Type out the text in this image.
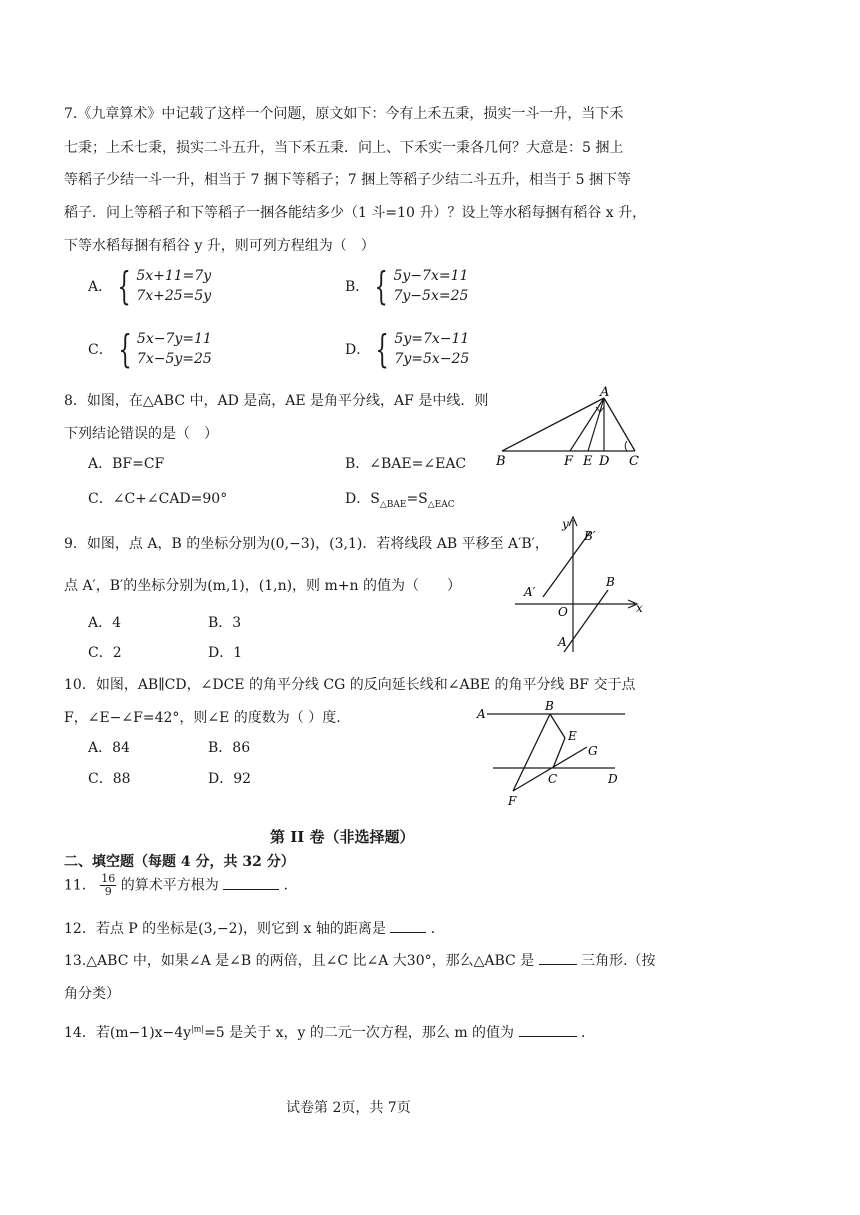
7.《九章算术》中记载了这样一个问题，原文如下：今有上禾五秉，损实一斗一升，当下禾
七秉；上禾七秉，损实二斗五升，当下禾五秉．问上、下禾实一秉各几何？大意是：5 捆上
等稻子少结一斗一升，相当于 7 捆下等稻子；7 捆上等稻子少结二斗五升，相当于 5 捆下等
稻子．问上等稻子和下等稻子一捆各能结多少（1 斗=10 升）？设上等水稻每捆有稻谷 x 升，
下等水稻每捆有稻谷 y 升，则可列方程组为（　）
A． { 5x+11=7y
7x+25=5y
B． { 5y−7x=11
7y−5x=25
C． { 5x−7y=11
7x−5y=25
D． { 5y=7x−11
7y=5x−25
8．如图，在△ABC 中，AD 是高，AE 是角平分线，AF 是中线．则
下列结论错误的是（　）
A．BF=CF	B．∠BAE=∠EAC
C．∠C+∠CAD=90°	D．$S_{\triangle BAE}=S_{\triangle EAC}$
A
B	F E D C
9．如图，点 A，B 的坐标分别为(0,−3)，(3,1)．若将线段 AB 平移至 A′B′，
点 A′，B′的坐标分别为(m,1)，(1,n)，则 m+n 的值为（　　）
A．4	B．3
C．2	D．1
y
x
O
A
B
A′
B′
10．如图，AB∥CD，∠DCE 的角平分线 CG 的反向延长线和∠ABE 的角平分线 BF 交于点
F，∠E−∠F=42°，则∠E 的度数为（ ）度.
A．84	B．86
C．88	D．92
A
B
E
G
C	D
F
第 II 卷（非选择题）
二、填空题（每题 4 分，共 32 分）
11． $\frac{16}{9}$ 的算术平方根为	．
12．若点 P 的坐标是(3,−2)，则它到 x 轴的距离是	．
13.△ABC 中，如果∠A 是∠B 的两倍，且∠C 比∠A 大30°，那么△ABC 是	三角形.（按
角分类）
14．若$(m-1)x-4y^{|m|}=5$ 是关于 x，y 的二元一次方程，那么 m 的值为	．
试卷第 2页，共 7页
